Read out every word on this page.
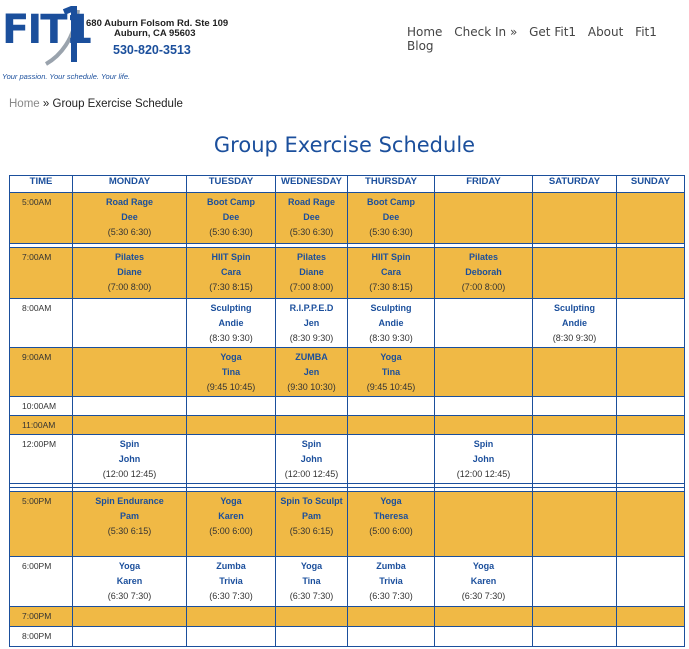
FIT1
680 Auburn Folsom Rd. Ste 109
Auburn, CA 95603
530-820-3513
Your passion. Your schedule. Your life.
Home Check In » Get Fit1 About Fit1 Blog
Home » Group Exercise Schedule
Group Exercise Schedule
TIME	MONDAY	TUESDAY	WEDNESDAY	THURSDAY	FRIDAY	SATURDAY	SUNDAY
5:00AM	Road Rage
Dee
(5:30 6:30)	Boot Camp
Dee
(5:30 6:30)	Road Rage
Dee
(5:30 6:30)	Boot Camp
Dee
(5:30 6:30)			

7:00AM	Pilates
Diane
(7:00 8:00)	HIIT Spin
Cara
(7:30 8:15)	Pilates
Diane
(7:00 8:00)	HIIT Spin
Cara
(7:30 8:15)	Pilates
Deborah
(7:00 8:00)		

8:00AM		Sculpting
Andie
(8:30 9:30)	R.I.P.P.E.D
Jen
(8:30 9:30)	Sculpting
Andie
(8:30 9:30)		Sculpting
Andie
(8:30 9:30)	

9:00AM		Yoga
Tina
(9:45 10:45)	ZUMBA
Jen
(9:30 10:30)	Yoga
Tina
(9:45 10:45)			

10:00AM							
11:00AM							
12:00PM	Spin
John
(12:00 12:45)		Spin
John
(12:00 12:45)		Spin
John
(12:00 12:45)		

5:00PM	Spin Endurance
Pam
(5:30 6:15)	Yoga
Karen
(5:00 6:00)	Spin To Sculpt
Pam
(5:30 6:15)	Yoga
Theresa
(5:00 6:00)			

6:00PM	Yoga
Karen
(6:30 7:30)	Zumba
Trivia
(6:30 7:30)	Yoga
Tina
(6:30 7:30)	Zumba
Trivia
(6:30 7:30)	Yoga
Karen
(6:30 7:30)		

7:00PM							
8:00PM							
